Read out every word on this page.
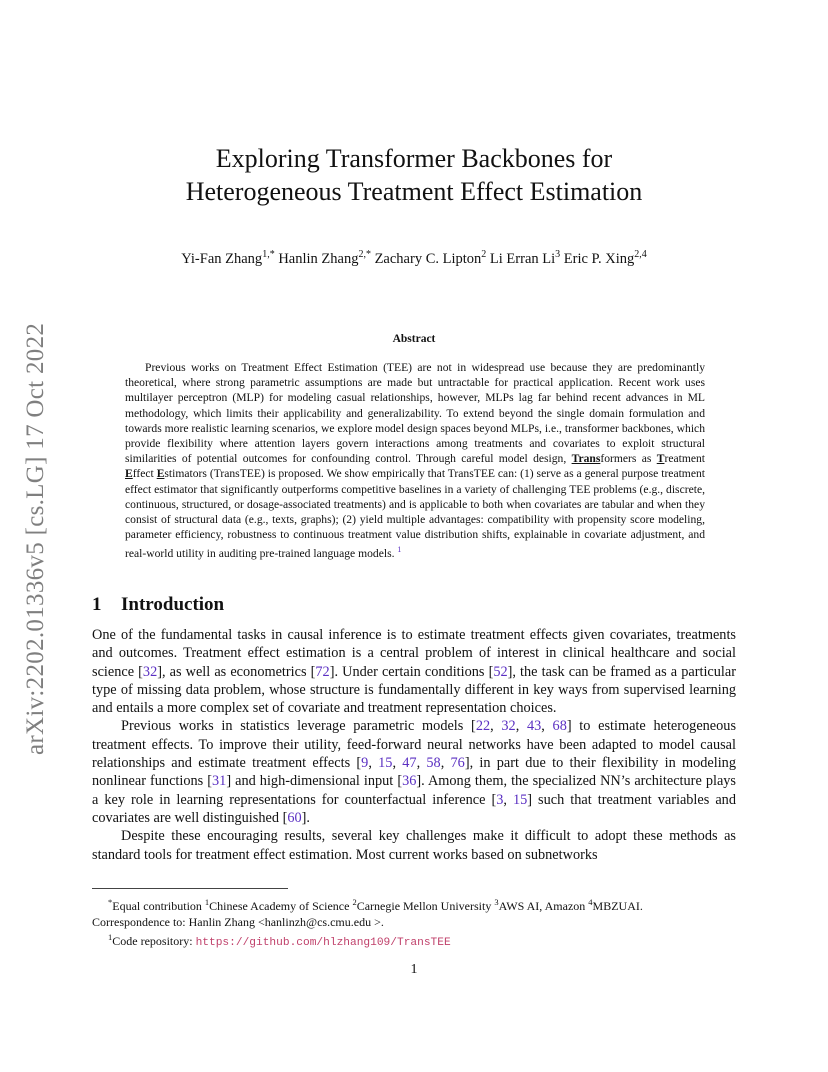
arXiv:2202.01336v5 [cs.LG] 17 Oct 2022
Exploring Transformer Backbones for
Heterogeneous Treatment Effect Estimation
Yi-Fan Zhang$^{1,*}$ Hanlin Zhang$^{2,*}$ Zachary C. Lipton$^2$ Li Erran Li$^3$ Eric P. Xing$^{2,4}$
Abstract

Previous works on Treatment Effect Estimation (TEE) are not in widespread use because they are predominantly theoretical, where strong parametric assumptions are made but untractable for practical application. Recent work uses multilayer perceptron (MLP) for modeling casual relationships, however, MLPs lag far behind recent advances in ML methodology, which limits their applicability and generalizability. To extend beyond the single domain formulation and towards more realistic learning scenarios, we explore model design spaces beyond MLPs, i.e., transformer backbones, which provide flexibility where attention layers govern interactions among treatments and covariates to exploit structural similarities of potential outcomes for confounding control. Through careful model design, Transformers as Treatment Effect Estimators (TransTEE) is proposed. We show empirically that TransTEE can: (1) serve as a general purpose treatment effect estimator that significantly outperforms competitive baselines in a variety of challenging TEE problems (e.g., discrete, continuous, structured, or dosage-associated treatments) and is applicable to both when covariates are tabular and when they consist of structural data (e.g., texts, graphs); (2) yield multiple advantages: compatibility with propensity score modeling, parameter efficiency, robustness to continuous treatment value distribution shifts, explainable in covariate adjustment, and real-world utility in auditing pre-trained language models. $^1$

1 Introduction

One of the fundamental tasks in causal inference is to estimate treatment effects given covariates, treatments and outcomes. Treatment effect estimation is a central problem of interest in clinical healthcare and social science [32], as well as econometrics [72]. Under certain conditions [52], the task can be framed as a particular type of missing data problem, whose structure is fundamentally different in key ways from supervised learning and entails a more complex set of covariate and treatment representation choices.

Previous works in statistics leverage parametric models [22, 32, 43, 68] to estimate heterogeneous treatment effects. To improve their utility, feed-forward neural networks have been adapted to model causal relationships and estimate treatment effects [9, 15, 47, 58, 76], in part due to their flexibility in modeling nonlinear functions [31] and high-dimensional input [36]. Among them, the specialized NN’s architecture plays a key role in learning representations for counterfactual inference [3, 15] such that treatment variables and covariates are well distinguished [60].

Despite these encouraging results, several key challenges make it difficult to adopt these methods as standard tools for treatment effect estimation. Most current works based on subnetworks

*Equal contribution $^1$Chinese Academy of Science $^2$Carnegie Mellon University $^3$AWS AI, Amazon $^4$MBZUAI.

Correspondence to: Hanlin Zhang <hanlinzh@cs.cmu.edu >.

$^1$Code repository: https://github.com/hlzhang109/TransTEE

1
